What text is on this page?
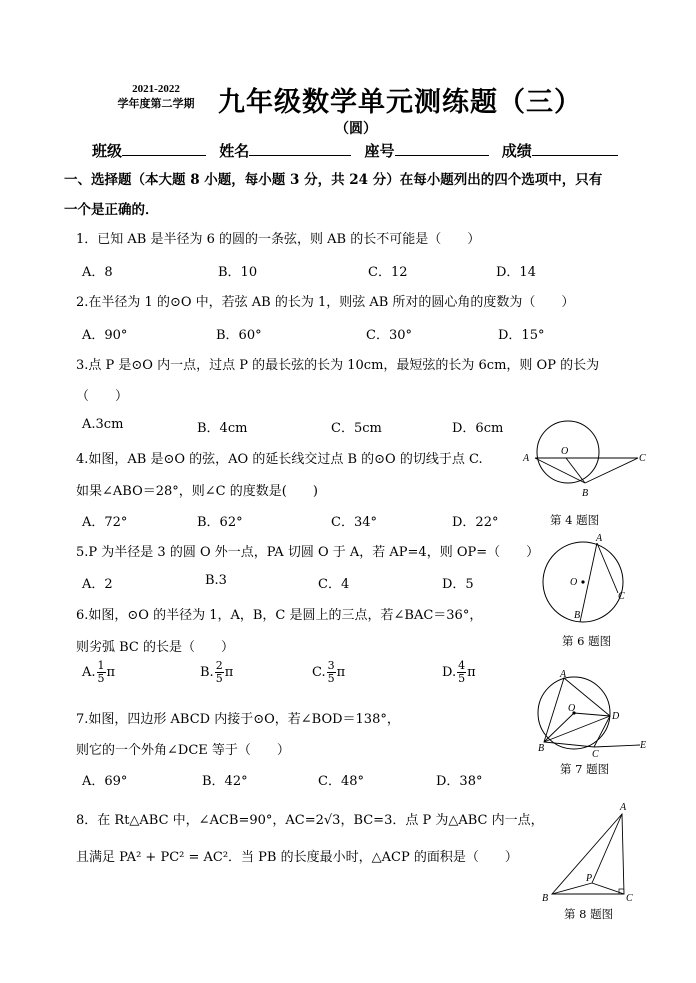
2021-2022
学年度第二学期 九年级数学单元测练题（三）
（圆）
班级	姓名	座号	成绩
一、选择题（本大题 8 小题，每小题 3 分，共 24 分）在每小题列出的四个选项中，只有
一个是正确的．
1．已知 AB 是半径为 6 的圆的一条弦，则 AB 的长不可能是（　　）
A．8	B．10	C．12	D．14
2.在半径为 1 的⊙O 中，若弦 AB 的长为 1，则弦 AB 所对的圆心角的度数为（　　）
A．90°	B．60°	C．30°	D．15°
3.点 P 是⊙O 内一点，过点 P 的最长弦的长为 10cm，最短弦的长为 6cm，则 OP 的长为
（　　）
A.3cm	B．4cm	C．5cm	D．6cm
4.如图，AB 是⊙O 的弦，AO 的延长线交过点 B 的⊙O 的切线于点 C.
如果∠ABO＝28°，则∠C 的度数是(　　)
A．72°	B．62°	C．34°	D．22°
5.P 为半径是 3 的圆 O 外一点，PA 切圆 O 于 A，若 AP=4，则 OP=（　　）
A．2	B.3	C．4	D．5
6.如图，⊙O 的半径为 1，A，B，C 是圆上的三点，若∠BAC＝36°，
则劣弧 BC 的长是（　　）
A. $\frac{1}{5}$ π	B. $\frac{2}{5}$ π	C. $\frac{3}{5}$ π	D. $\frac{4}{5}$ π
7.如图，四边形 ABCD 内接于⊙O，若∠BOD＝138°，
则它的一个外角∠DCE 等于（　　）
A．69°	B．42°	C．48°	D．38°
8．在 Rt△ABC 中，∠ACB=90°，AC=2√3，BC=3．点 P 为△ABC 内一点，
且满足 PA² + PC² = AC²．当 PB 的长度最小时，△ACP 的面积是（　　）
A
O
C
B
第 4 题图
A
O
B
C
第 6 题图
A
O
D
B
C
E
第 7 题图
A
P
B	C
第 8 题图
